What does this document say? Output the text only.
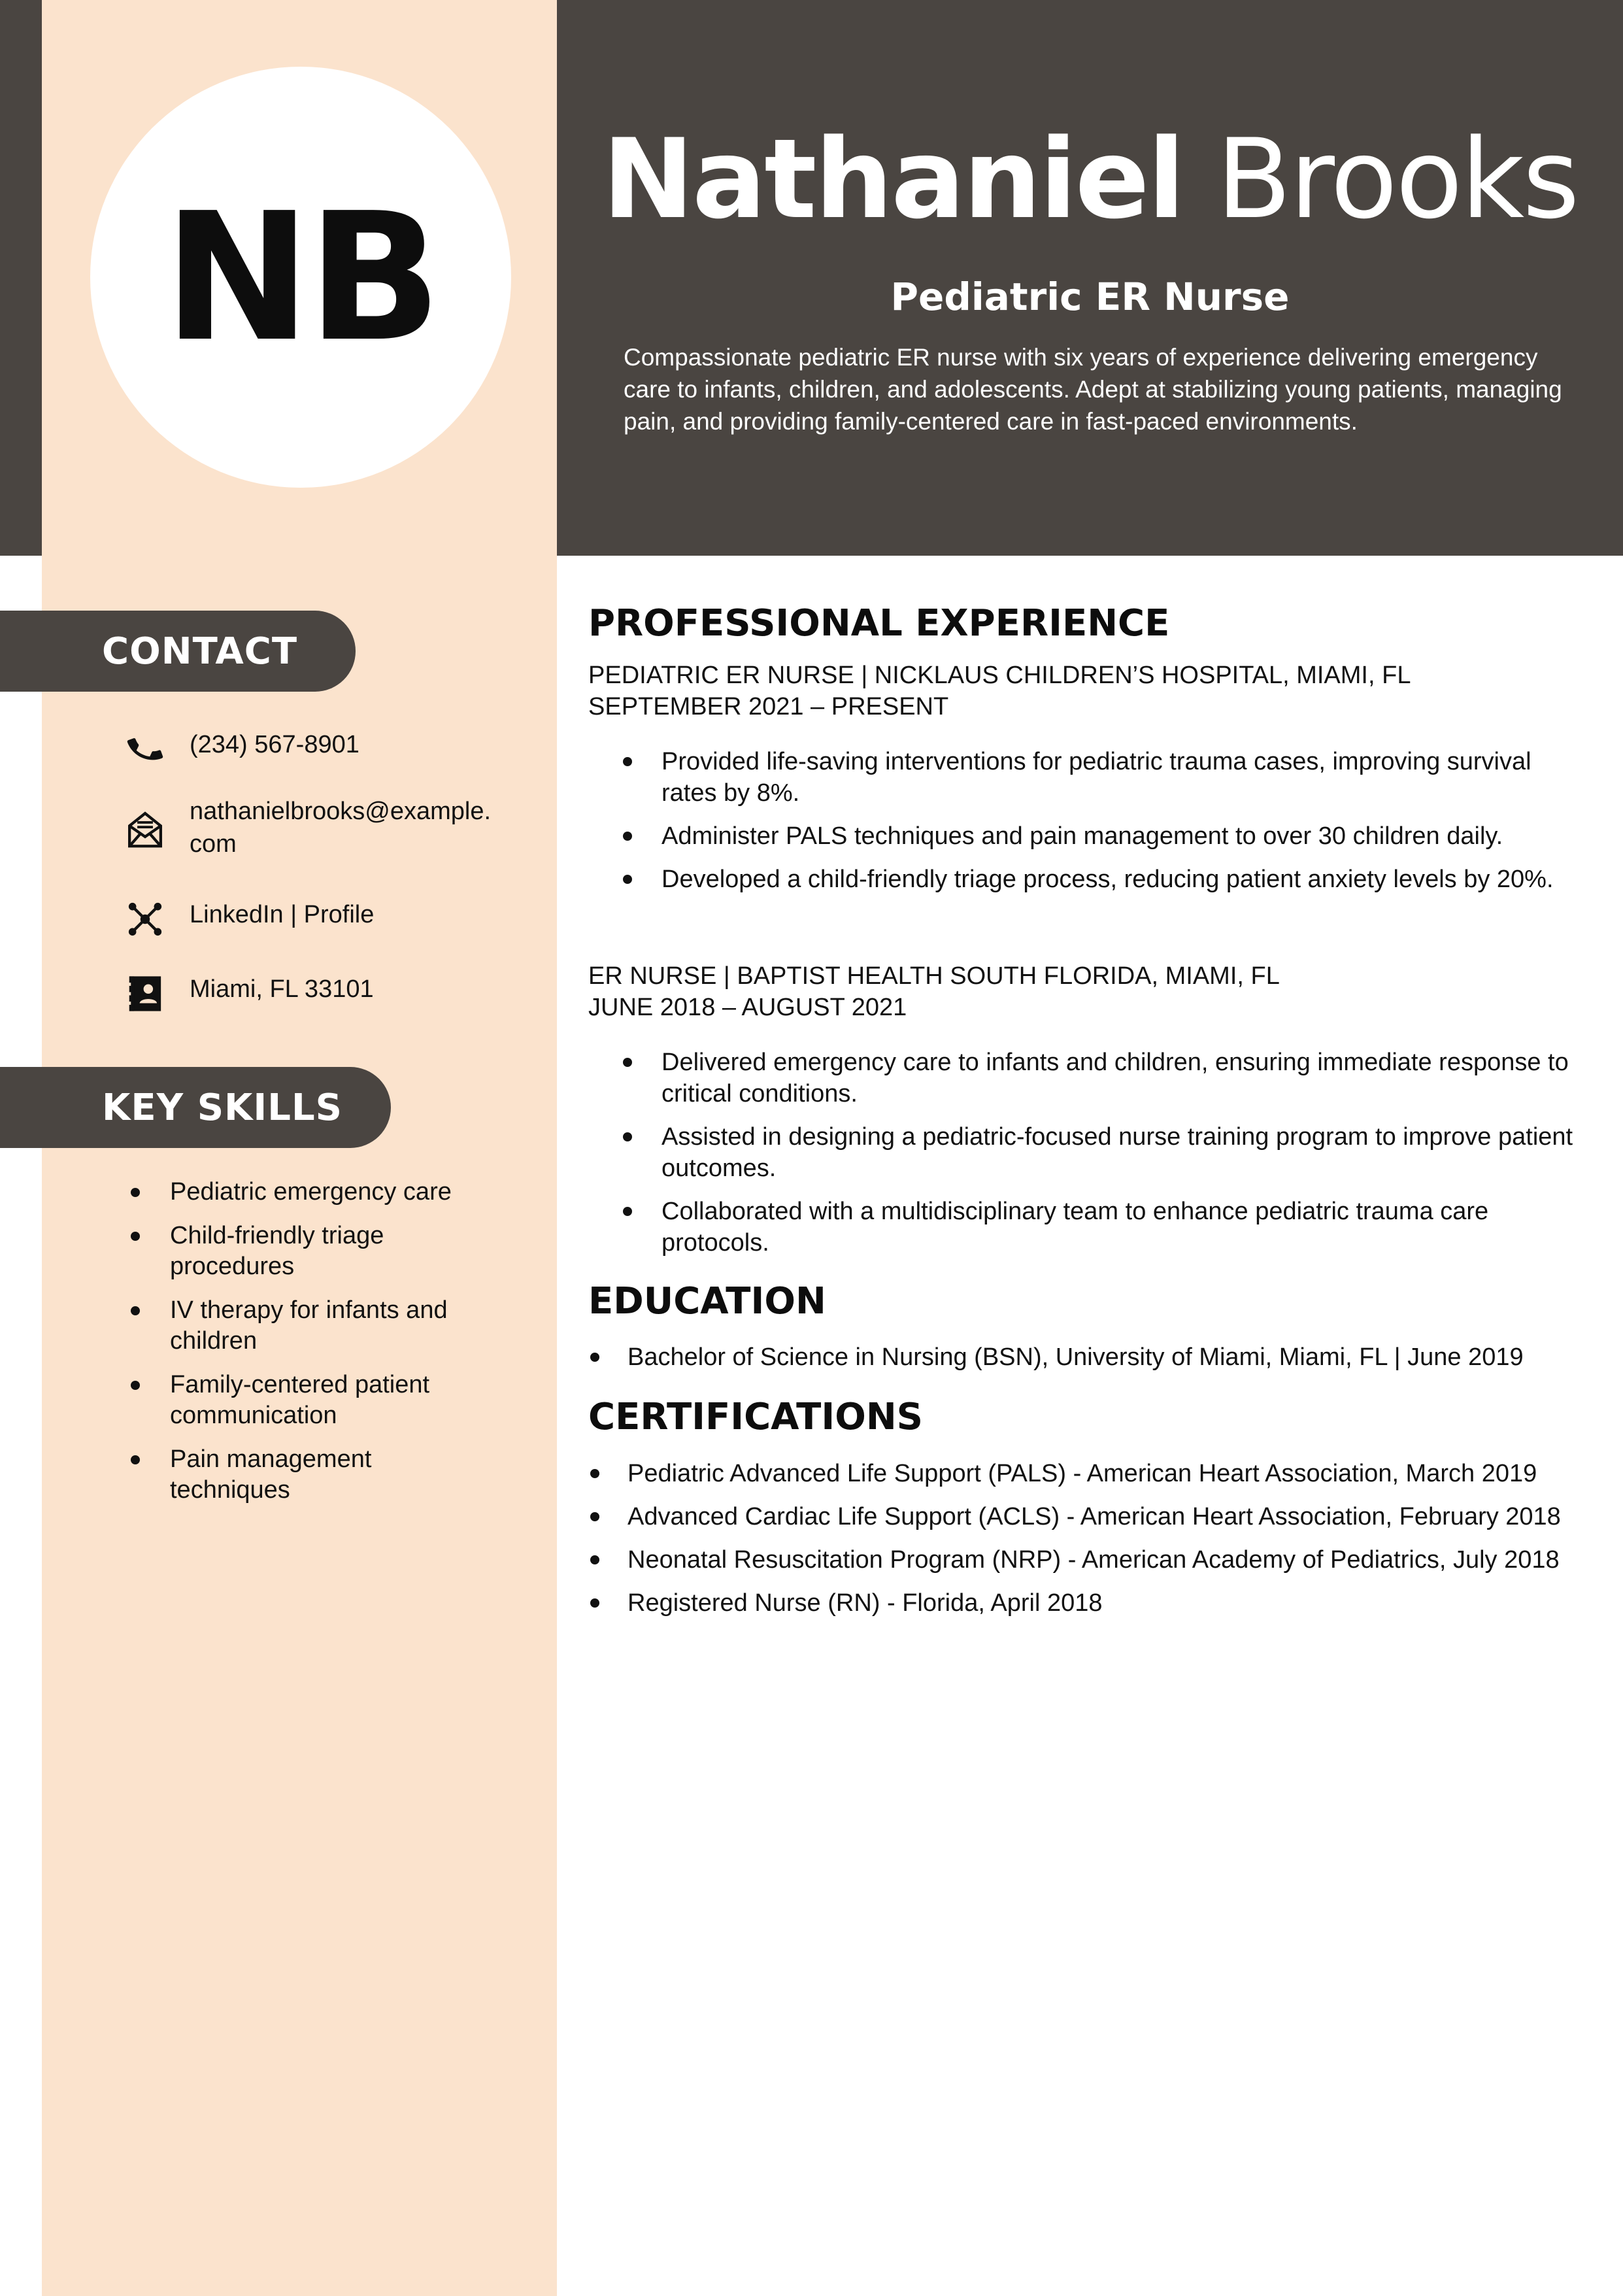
Nathaniel Brooks
Pediatric ER Nurse
Compassionate pediatric ER nurse with six years of experience delivering emergency care to infants, children, and adolescents. Adept at stabilizing young patients, managing pain, and providing family-centered care in fast-paced environments.
NB
CONTACT
(234) 567-8901
nathanielbrooks@example.com
LinkedIn | Profile
Miami, FL 33101
KEY SKILLS
Pediatric emergency care
Child-friendly triage procedures
IV therapy for infants and children
Family-centered patient communication
Pain management techniques
PROFESSIONAL EXPERIENCE
PEDIATRIC ER NURSE | NICKLAUS CHILDREN’S HOSPITAL, MIAMI, FL
SEPTEMBER 2021 – PRESENT
Provided life-saving interventions for pediatric trauma cases, improving survival rates by 8%.
Administer PALS techniques and pain management to over 30 children daily.
Developed a child-friendly triage process, reducing patient anxiety levels by 20%.
ER NURSE | BAPTIST HEALTH SOUTH FLORIDA, MIAMI, FL
JUNE 2018 – AUGUST 2021
Delivered emergency care to infants and children, ensuring immediate response to critical conditions.
Assisted in designing a pediatric-focused nurse training program to improve patient outcomes.
Collaborated with a multidisciplinary team to enhance pediatric trauma care protocols.
EDUCATION
Bachelor of Science in Nursing (BSN), University of Miami, Miami, FL | June 2019
CERTIFICATIONS
Pediatric Advanced Life Support (PALS) - American Heart Association, March 2019
Advanced Cardiac Life Support (ACLS) - American Heart Association, February 2018
Neonatal Resuscitation Program (NRP) - American Academy of Pediatrics, July 2018
Registered Nurse (RN) - Florida, April 2018
